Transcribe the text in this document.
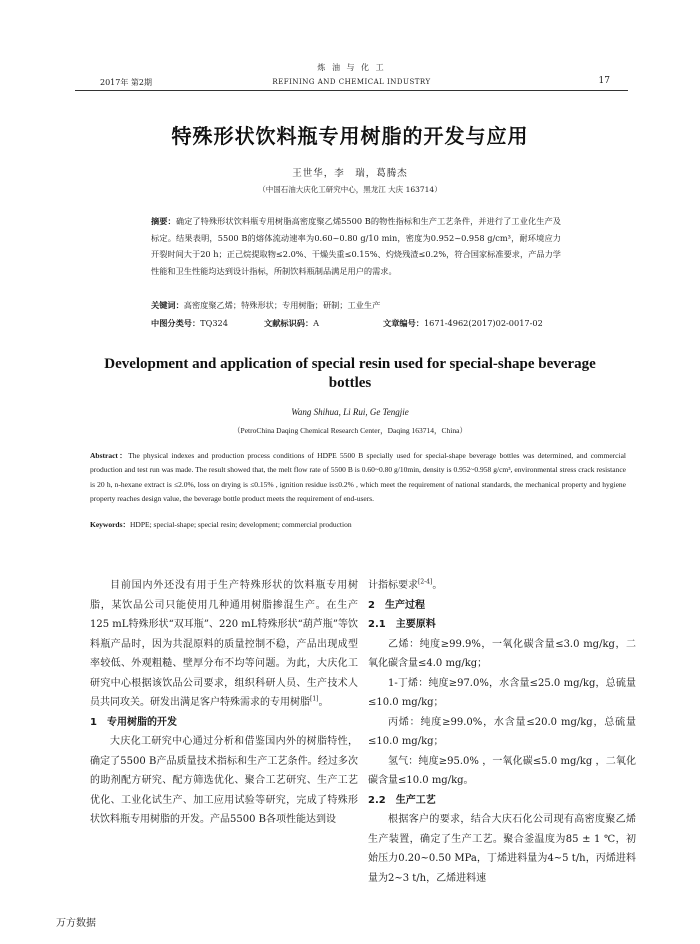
炼 油 与 化 工
2017年 第2期	REFINING AND CHEMICAL INDUSTRY	17
特殊形状饮料瓶专用树脂的开发与应用
王世华，李　瑞，葛腾杰
（中国石油大庆化工研究中心，黑龙江 大庆 163714）
摘要：确定了特殊形状饮料瓶专用树脂高密度聚乙烯5500 B的物性指标和生产工艺条件，并进行了工业化生产及标定。结果表明，5500 B的熔体流动速率为0.60~0.80 g/10 min，密度为0.952~0.958 g/cm³，耐环境应力开裂时间大于20 h；正己烷提取物≤2.0%、干燥失重≤0.15%、灼烧残渣≤0.2%，符合国家标准要求，产品力学性能和卫生性能均达到设计指标，所制饮料瓶制品满足用户的需求。
关键词：高密度聚乙烯；特殊形状；专用树脂；研制；工业生产
中图分类号：TQ324	文献标识码：A	文章编号：1671-4962(2017)02-0017-02
Development and application of special resin used for special-shape beverage bottles
Wang Shihua, Li Rui, Ge Tengjie
（PetroChina Daqing Chemical Research Center，Daqing 163714，China）
Abstract：The physical indexes and production process conditions of HDPE 5500 B specially used for special-shape beverage bottles was determined, and commercial production and test run was made. The result showed that, the melt flow rate of 5500 B is 0.60~0.80 g/10min, density is 0.952~0.958 g/cm³, environmental stress crack resistance is 20 h, n-hexane extract is ≤2.0%, loss on drying is ≤0.15% , ignition residue is≤0.2% , which meet the requirement of national standards, the mechanical property and hygiene property reaches design value, the beverage bottle product meets the requirement of end-users.
Keywords：HDPE; special-shape; special resin; development; commercial production

目前国内外还没有用于生产特殊形状的饮料瓶专用树脂，某饮品公司只能使用几种通用树脂掺混生产。在生产125 mL特殊形状“双耳瓶”、220 mL特殊形状“葫芦瓶”等饮料瓶产品时，因为共混原料的质量控制不稳，产品出现成型率较低、外观粗糙、壁厚分布不均等问题。为此，大庆化工研究中心根据该饮品公司要求，组织科研人员、生产技术人员共同攻关。研发出满足客户特殊需求的专用树脂[1]。

1　专用树脂的开发

大庆化工研究中心通过分析和借鉴国内外的树脂特性，确定了5500 B产品质量技术指标和生产工艺条件。经过多次的助剂配方研究、配方筛选优化、聚合工艺研究、生产工艺优化、工业化试生产、加工应用试验等研究，完成了特殊形状饮料瓶专用树脂的开发。产品5500 B各项性能达到设

计指标要求[2-4]。

2　生产过程
2.1　主要原料

乙烯：纯度≥99.9%，一氧化碳含量≤3.0 mg/kg，二氧化碳含量≤4.0 mg/kg；

1-丁烯：纯度≥97.0%，水含量≤25.0 mg/kg，总硫量≤10.0 mg/kg；

丙烯：纯度≥99.0%，水含量≤20.0 mg/kg，总硫量≤10.0 mg/kg；

氢气：纯度≥95.0% ，一氧化碳≤5.0 mg/kg ，二氧化碳含量≤10.0 mg/kg。

2.2　生产工艺

根据客户的要求，结合大庆石化公司现有高密度聚乙烯生产装置，确定了生产工艺。聚合釜温度为85 ± 1 ℃，初始压力0.20~0.50 MPa，丁烯进料量为4~5 t/h，丙烯进料量为2~3 t/h，乙烯进料速

万方数据
